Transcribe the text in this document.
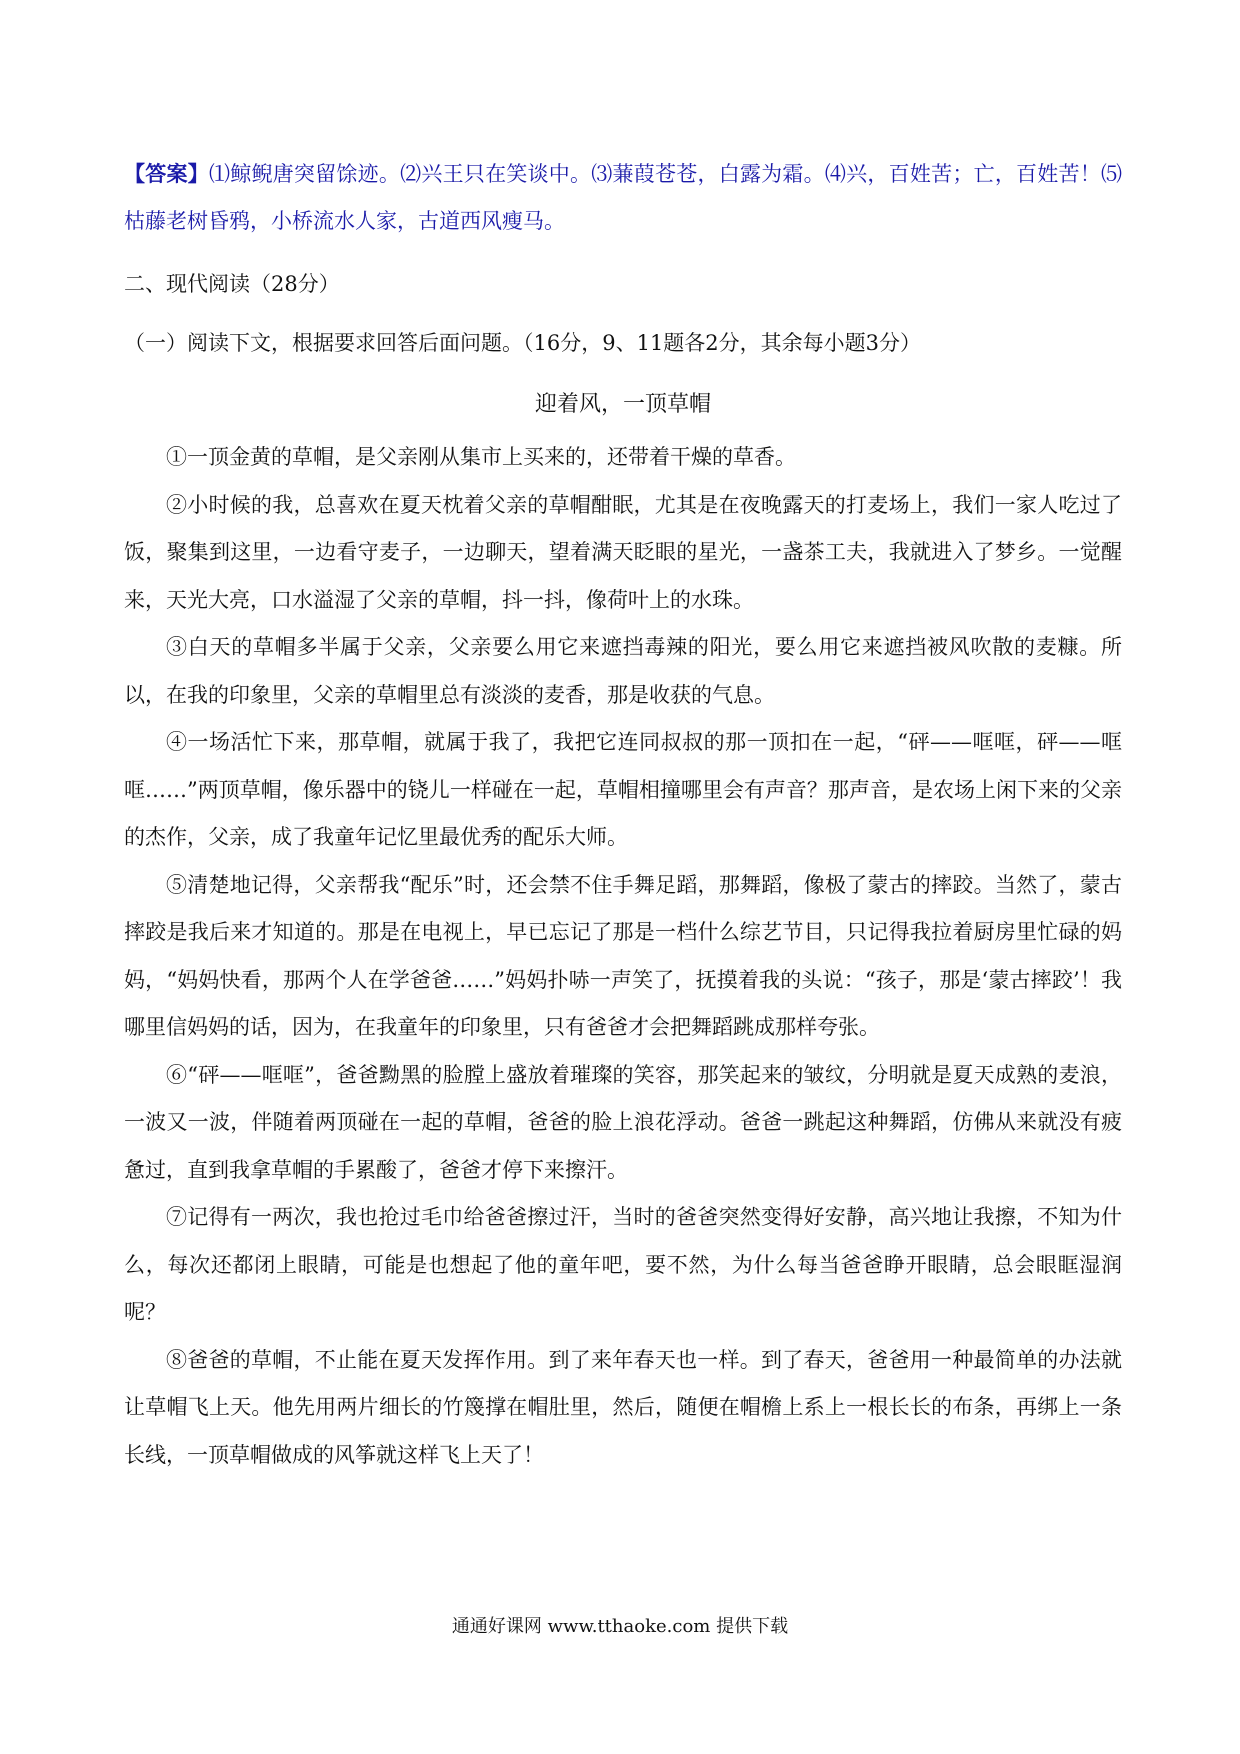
【答案】⑴鲸鲵唐突留馀迹。⑵兴王只在笑谈中。⑶蒹葭苍苍，白露为霜。⑷兴，百姓苦；亡，百姓苦！⑸枯藤老树昏鸦，小桥流水人家，古道西风瘦马。

二、现代阅读（28分）

（一）阅读下文，根据要求回答后面问题。（16分，9、11题各2分，其余每小题3分）

迎着风，一顶草帽

①一顶金黄的草帽，是父亲刚从集市上买来的，还带着干燥的草香。

②小时候的我，总喜欢在夏天枕着父亲的草帽酣眠，尤其是在夜晚露天的打麦场上，我们一家人吃过了饭，聚集到这里，一边看守麦子，一边聊天，望着满天眨眼的星光，一盏茶工夫，我就进入了梦乡。一觉醒来，天光大亮，口水溢湿了父亲的草帽，抖一抖，像荷叶上的水珠。

③白天的草帽多半属于父亲，父亲要么用它来遮挡毒辣的阳光，要么用它来遮挡被风吹散的麦糠。所以，在我的印象里，父亲的草帽里总有淡淡的麦香，那是收获的气息。

④一场活忙下来，那草帽，就属于我了，我把它连同叔叔的那一顶扣在一起，“砰——哐哐，砰——哐哐……”两顶草帽，像乐器中的铙儿一样碰在一起，草帽相撞哪里会有声音？那声音，是农场上闲下来的父亲的杰作，父亲，成了我童年记忆里最优秀的配乐大师。

⑤清楚地记得，父亲帮我“配乐”时，还会禁不住手舞足蹈，那舞蹈，像极了蒙古的摔跤。当然了，蒙古摔跤是我后来才知道的。那是在电视上，早已忘记了那是一档什么综艺节目，只记得我拉着厨房里忙碌的妈妈，“妈妈快看，那两个人在学爸爸……”妈妈扑哧一声笑了，抚摸着我的头说：“孩子，那是‘蒙古摔跤’！我哪里信妈妈的话，因为，在我童年的印象里，只有爸爸才会把舞蹈跳成那样夸张。

⑥“砰——哐哐”，爸爸黝黑的脸膛上盛放着璀璨的笑容，那笑起来的皱纹，分明就是夏天成熟的麦浪，一波又一波，伴随着两顶碰在一起的草帽，爸爸的脸上浪花浮动。爸爸一跳起这种舞蹈，仿佛从来就没有疲惫过，直到我拿草帽的手累酸了，爸爸才停下来擦汗。

⑦记得有一两次，我也抢过毛巾给爸爸擦过汗，当时的爸爸突然变得好安静，高兴地让我擦，不知为什么，每次还都闭上眼睛，可能是也想起了他的童年吧，要不然，为什么每当爸爸睁开眼睛，总会眼眶湿润呢？

⑧爸爸的草帽，不止能在夏天发挥作用。到了来年春天也一样。到了春天，爸爸用一种最简单的办法就让草帽飞上天。他先用两片细长的竹篾撑在帽肚里，然后，随便在帽檐上系上一根长长的布条，再绑上一条长线，一顶草帽做成的风筝就这样飞上天了！

通通好课网 www.tthaoke.com 提供下载
